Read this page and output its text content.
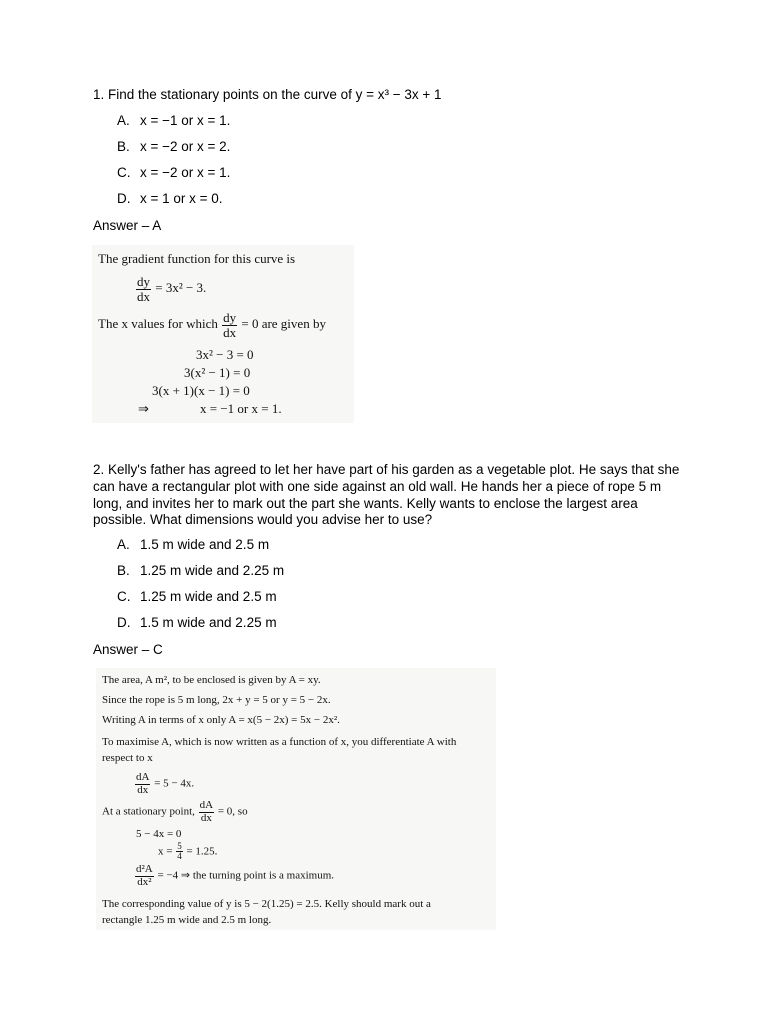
1. Find the stationary points on the curve of y = x³ − 3x + 1
A. x = −1 or x = 1.
B. x = −2 or x = 2.
C. x = −2 or x = 1.
D. x = 1 or x = 0.
Answer – A
The gradient function for this curve is
$\frac{dy}{dx} = 3x^2 - 3$.
The x values for which $\frac{dy}{dx} = 0$ are given by
3x² − 3 = 0
3(x² − 1) = 0
3(x + 1)(x − 1) = 0
⇒	x = −1 or x = 1.
2. Kelly's father has agreed to let her have part of his garden as a vegetable plot. He says that she can have a rectangular plot with one side against an old wall. He hands her a piece of rope 5 m long, and invites her to mark out the part she wants. Kelly wants to enclose the largest area possible. What dimensions would you advise her to use?
A. 1.5 m wide and 2.5 m
B. 1.25 m wide and 2.25 m
C. 1.25 m wide and 2.5 m
D. 1.5 m wide and 2.25 m
Answer – C
The area, A m², to be enclosed is given by A = xy.
Since the rope is 5 m long, 2x + y = 5 or y = 5 − 2x.
Writing A in terms of x only A = x(5 − 2x) = 5x − 2x².
To maximise A, which is now written as a function of x, you differentiate A with
respect to x
$\frac{dA}{dx} = 5 - 4x$.
At a stationary point, $\frac{dA}{dx} = 0$, so
5 − 4x = 0
$x = \frac{5}{4} = 1.25$.
$\frac{\text{d²A}}{\text{dx²}} = -4$ ⇒ the turning point is a maximum.
The corresponding value of y is 5 − 2(1.25) = 2.5. Kelly should mark out a
rectangle 1.25 m wide and 2.5 m long.
